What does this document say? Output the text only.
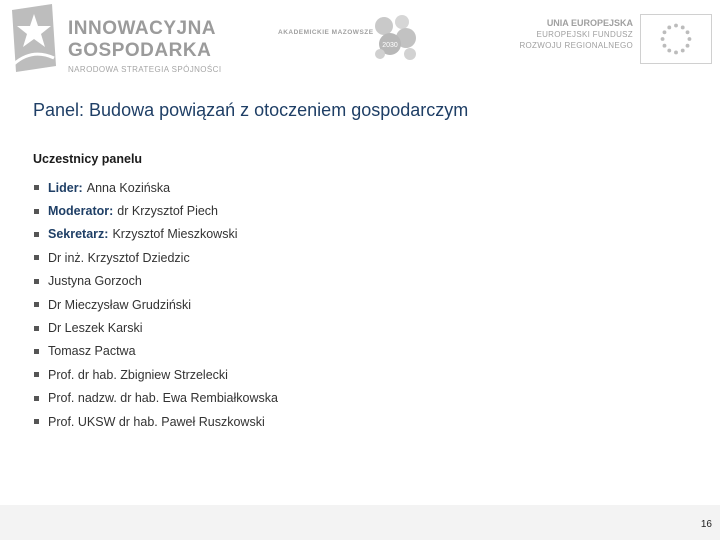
INNOWACYJNA
GOSPODARKA
NARODOWA STRATEGIA SPÓJNOŚCI
AKADEMICKIE MAZOWSZE
2030
UNIA EUROPEJSKA
EUROPEJSKI FUNDUSZ
ROZWOJU REGIONALNEGO
Panel: Budowa powiązań z otoczeniem gospodarczym
Uczestnicy panelu
Lider: Anna Kozińska
Moderator: dr Krzysztof Piech
Sekretarz: Krzysztof Mieszkowski
Dr inż. Krzysztof Dziedzic
Justyna Gorzoch
Dr Mieczysław Grudziński
Dr Leszek Karski
Tomasz Pactwa
Prof. dr hab. Zbigniew Strzelecki
Prof. nadzw. dr hab. Ewa Rembiałkowska
Prof. UKSW dr hab. Paweł Ruszkowski
16
